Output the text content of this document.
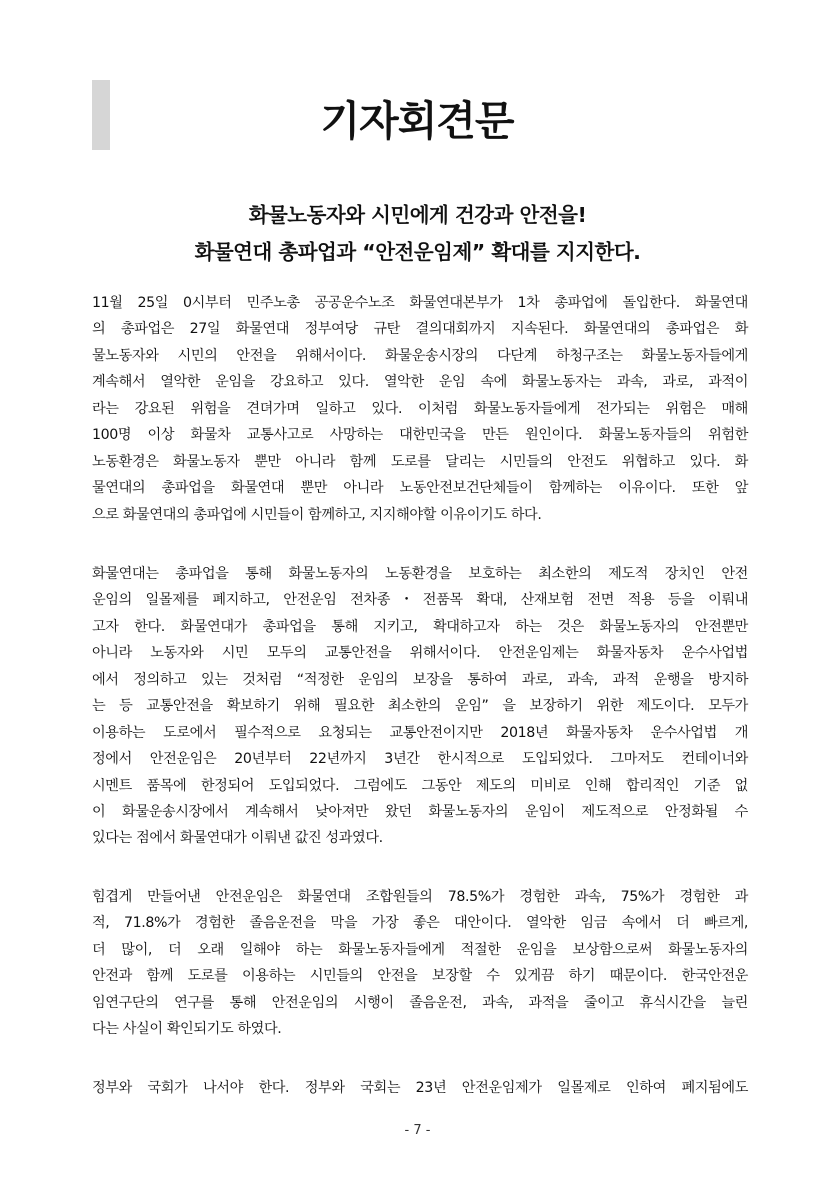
기자회견문
화물노동자와 시민에게 건강과 안전을!
화물연대 총파업과 “안전운임제” 확대를 지지한다.
11월 25일 0시부터 민주노총 공공운수노조 화물연대본부가 1차 총파업에 돌입한다. 화물연대
의 총파업은 27일 화물연대 정부여당 규탄 결의대회까지 지속된다. 화물연대의 총파업은 화
물노동자와 시민의 안전을 위해서이다. 화물운송시장의 다단계 하청구조는 화물노동자들에게
계속해서 열악한 운임을 강요하고 있다. 열악한 운임 속에 화물노동자는 과속, 과로, 과적이
라는 강요된 위험을 견뎌가며 일하고 있다. 이처럼 화물노동자들에게 전가되는 위험은 매해
100명 이상 화물차 교통사고로 사망하는 대한민국을 만든 원인이다. 화물노동자들의 위험한
노동환경은 화물노동자 뿐만 아니라 함께 도로를 달리는 시민들의 안전도 위협하고 있다. 화
물연대의 총파업을 화물연대 뿐만 아니라 노동안전보건단체들이 함께하는 이유이다. 또한 앞
으로 화물연대의 총파업에 시민들이 함께하고, 지지해야할 이유이기도 하다.
화물연대는 총파업을 통해 화물노동자의 노동환경을 보호하는 최소한의 제도적 장치인 안전
운임의 일몰제를 폐지하고, 안전운임 전차종・전품목 확대, 산재보험 전면 적용 등을 이뤄내
고자 한다. 화물연대가 총파업을 통해 지키고, 확대하고자 하는 것은 화물노동자의 안전뿐만
아니라 노동자와 시민 모두의 교통안전을 위해서이다. 안전운임제는 화물자동차 운수사업법
에서 정의하고 있는 것처럼 “적정한 운임의 보장을 통하여 과로, 과속, 과적 운행을 방지하
는 등 교통안전을 확보하기 위해 필요한 최소한의 운임” 을 보장하기 위한 제도이다. 모두가
이용하는 도로에서 필수적으로 요청되는 교통안전이지만 2018년 화물자동차 운수사업법 개
정에서 안전운임은 20년부터 22년까지 3년간 한시적으로 도입되었다. 그마저도 컨테이너와
시멘트 품목에 한정되어 도입되었다. 그럼에도 그동안 제도의 미비로 인해 합리적인 기준 없
이 화물운송시장에서 계속해서 낮아져만 왔던 화물노동자의 운임이 제도적으로 안정화될 수
있다는 점에서 화물연대가 이뤄낸 값진 성과였다.
힘겹게 만들어낸 안전운임은 화물연대 조합원들의 78.5%가 경험한 과속, 75%가 경험한 과
적, 71.8%가 경험한 졸음운전을 막을 가장 좋은 대안이다. 열악한 임금 속에서 더 빠르게,
더 많이, 더 오래 일해야 하는 화물노동자들에게 적절한 운임을 보상함으로써 화물노동자의
안전과 함께 도로를 이용하는 시민들의 안전을 보장할 수 있게끔 하기 때문이다. 한국안전운
임연구단의 연구를 통해 안전운임의 시행이 졸음운전, 과속, 과적을 줄이고 휴식시간을 늘린
다는 사실이 확인되기도 하였다.
정부와 국회가 나서야 한다. 정부와 국회는 23년 안전운임제가 일몰제로 인하여 폐지됨에도
- 7 -
